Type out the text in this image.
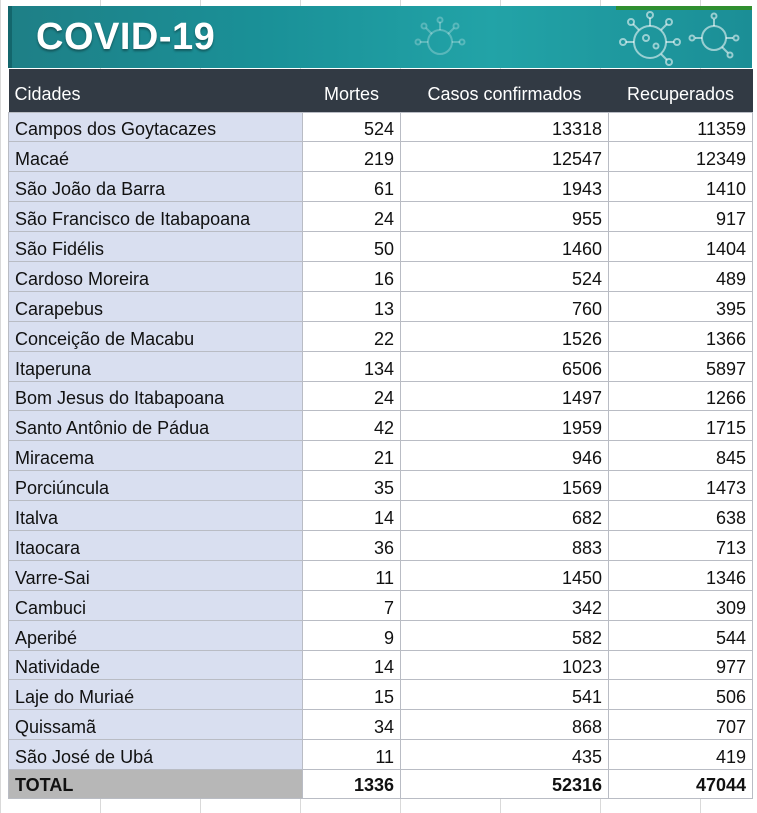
COVID-19
Cidades	Mortes	Casos confirmados	Recuperados
Campos dos Goytacazes	524	13318	11359
Macaé	219	12547	12349
São João da Barra	61	1943	1410
São Francisco de Itabapoana	24	955	917
São Fidélis	50	1460	1404
Cardoso Moreira	16	524	489
Carapebus	13	760	395
Conceição de Macabu	22	1526	1366
Itaperuna	134	6506	5897
Bom Jesus do Itabapoana	24	1497	1266
Santo Antônio de Pádua	42	1959	1715
Miracema	21	946	845
Porciúncula	35	1569	1473
Italva	14	682	638
Itaocara	36	883	713
Varre-Sai	11	1450	1346
Cambuci	7	342	309
Aperibé	9	582	544
Natividade	14	1023	977
Laje do Muriaé	15	541	506
Quissamã	34	868	707
São José de Ubá	11	435	419
TOTAL	1336	52316	47044
